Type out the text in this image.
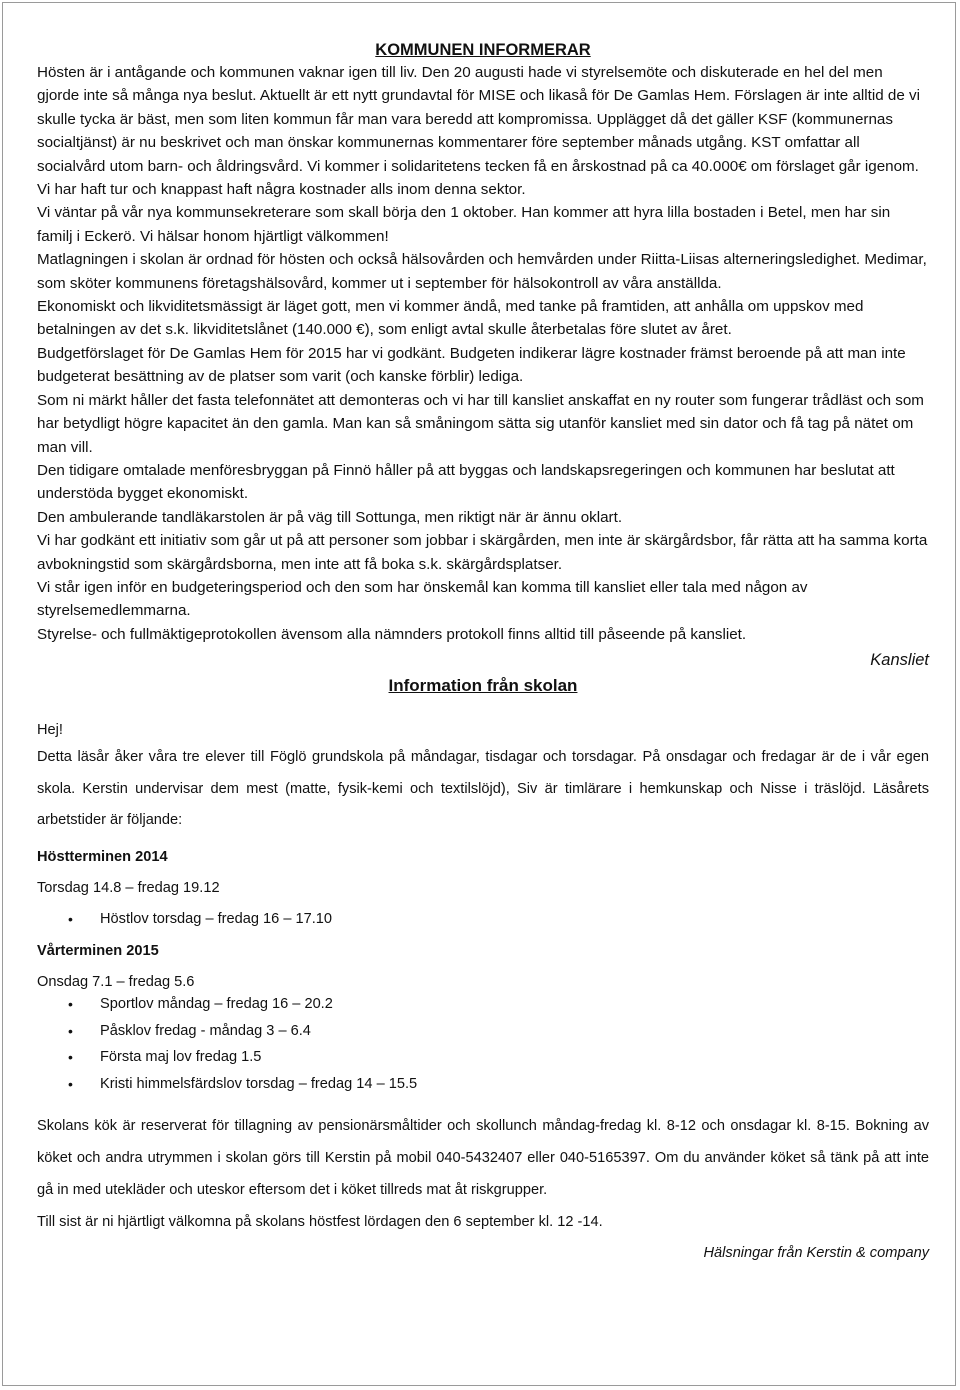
KOMMUNEN INFORMERAR

Hösten är i antågande och kommunen vaknar igen till liv. Den 20 augusti hade vi styrelsemöte och diskuterade en hel del men gjorde inte så många nya beslut. Aktuellt är ett nytt grundavtal för MISE och likaså för De Gamlas Hem. Förslagen är inte alltid de vi skulle tycka är bäst, men som liten kommun får man vara beredd att kompromissa. Upplägget då det gäller KSF (kommunernas socialtjänst) är nu beskrivet och man önskar kommunernas kommentarer före september månads utgång. KST omfattar all socialvård utom barn- och åldringsvård. Vi kommer i solidaritetens tecken få en årskostnad på ca 40.000€ om förslaget går igenom. Vi har haft tur och knappast haft några kostnader alls inom denna sektor.

Vi väntar på vår nya kommunsekreterare som skall börja den 1 oktober. Han kommer att hyra lilla bostaden i Betel, men har sin familj i Eckerö. Vi hälsar honom hjärtligt välkommen!

Matlagningen i skolan är ordnad för hösten och också hälsovården och hemvården under Riitta-Liisas alterneringsledighet. Medimar, som sköter kommunens företagshälsovård, kommer ut i september för hälsokontroll av våra anställda.

Ekonomiskt och likviditetsmässigt är läget gott, men vi kommer ändå, med tanke på framtiden, att anhålla om uppskov med betalningen av det s.k. likviditetslånet (140.000 €), som enligt avtal skulle återbetalas före slutet av året.

Budgetförslaget för De Gamlas Hem för 2015 har vi godkänt. Budgeten indikerar lägre kostnader främst beroende på att man inte budgeterat besättning av de platser som varit (och kanske förblir) lediga.

Som ni märkt håller det fasta telefonnätet att demonteras och vi har till kansliet anskaffat en ny router som fungerar trådläst och som har betydligt högre kapacitet än den gamla. Man kan så småningom sätta sig utanför kansliet med sin dator och få tag på nätet om man vill.

Den tidigare omtalade menföresbryggan på Finnö håller på att byggas och landskapsregeringen och kommunen har beslutat att understöda bygget ekonomiskt.

Den ambulerande tandläkarstolen är på väg till Sottunga, men riktigt när är ännu oklart.

Vi har godkänt ett initiativ som går ut på att personer som jobbar i skärgården, men inte är skärgårdsbor, får rätta att ha samma korta avbokningstid som skärgårdsborna, men inte att få boka s.k. skärgårdsplatser.

Vi står igen inför en budgeteringsperiod och den som har önskemål kan komma till kansliet eller tala med någon av styrelsemedlemmarna.

Styrelse- och fullmäktigeprotokollen ävensom alla nämnders protokoll finns alltid till påseende på kansliet.

Kansliet
Information från skolan
Hej!

Detta läsår åker våra tre elever till Föglö grundskola på måndagar, tisdagar och torsdagar. På onsdagar och fredagar är de i vår egen skola. Kerstin undervisar dem mest (matte, fysik-kemi och textilslöjd), Siv är timlärare i hemkunskap och Nisse i träslöjd. Läsårets arbetstider är följande:

Höstterminen 2014
Torsdag 14.8 – fredag 19.12
• Höstlov torsdag – fredag 16 – 17.10
Vårterminen 2015
Onsdag 7.1 – fredag 5.6
• Sportlov måndag – fredag 16 – 20.2
• Påsklov fredag - måndag 3 – 6.4
• Första maj lov fredag 1.5
• Kristi himmelsfärdslov torsdag – fredag 14 – 15.5

Skolans kök är reserverat för tillagning av pensionärsmåltider och skollunch måndag-fredag kl. 8-12 och onsdagar kl. 8-15. Bokning av köket och andra utrymmen i skolan görs till Kerstin på mobil 040-5432407 eller 040-5165397. Om du använder köket så tänk på att inte gå in med utekläder och uteskor eftersom det i köket tillreds mat åt riskgrupper.

Till sist är ni hjärtligt välkomna på skolans höstfest lördagen den 6 september kl. 12 -14.

Hälsningar från Kerstin & company
